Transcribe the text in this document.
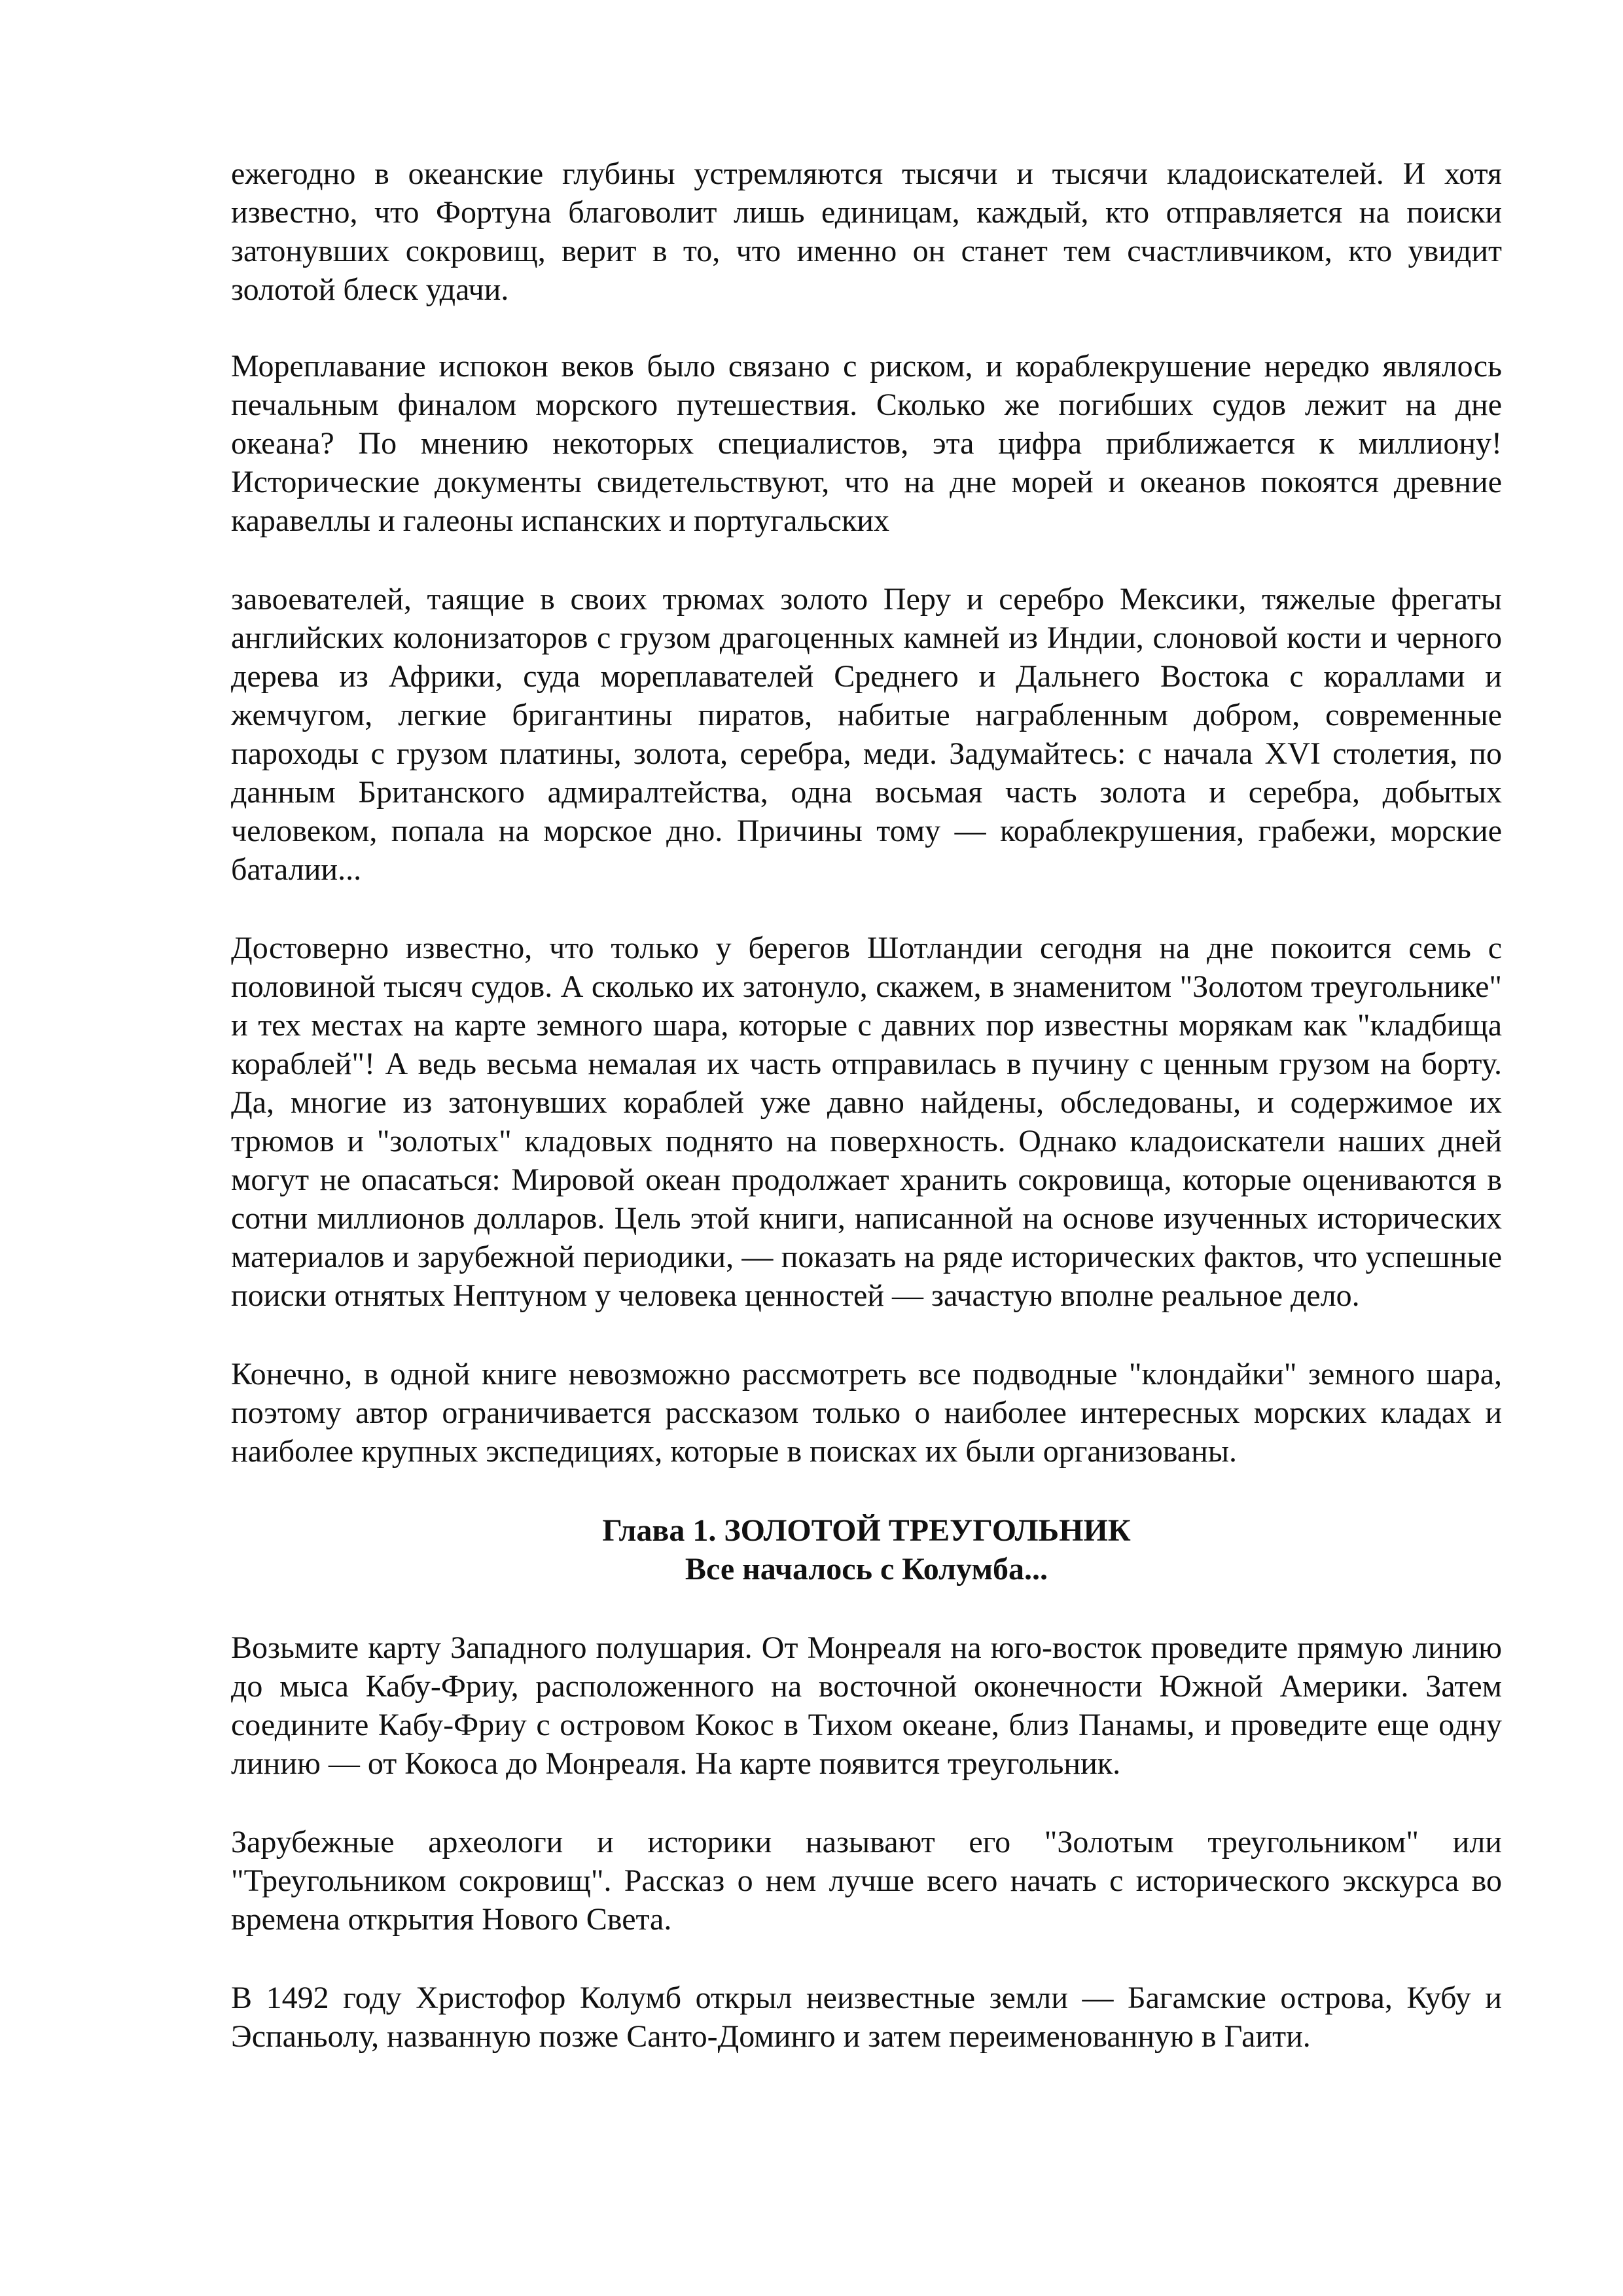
ежегодно в океанские глубины устремляются тысячи и тысячи кладоискателей. И хотя известно, что Фортуна благоволит лишь единицам, каждый, кто отправляется на поиски затонувших сокровищ, верит в то, что именно он станет тем счастливчиком, кто увидит золотой блеск удачи.

Мореплавание испокон веков было связано с риском, и кораблекрушение нередко являлось печальным финалом морского путешествия. Сколько же погибших судов лежит на дне океана? По мнению некоторых специалистов, эта цифра приближается к миллиону! Исторические документы свидетельствуют, что на дне морей и океанов покоятся древние каравеллы и галеоны испанских и португальских

завоевателей, таящие в своих трюмах золото Перу и серебро Мексики, тяжелые фрегаты английских колонизаторов с грузом драгоценных камней из Индии, слоновой кости и черного дерева из Африки, суда мореплавателей Среднего и Дальнего Востока с кораллами и жемчугом, легкие бригантины пиратов, набитые награбленным добром, современные пароходы с грузом платины, золота, серебра, меди. Задумайтесь: с начала XVI столетия, по данным Британского адмиралтейства, одна восьмая часть золота и серебра, добытых человеком, попала на морское дно. Причины тому — кораблекрушения, грабежи, морские баталии...

Достоверно известно, что только у берегов Шотландии сегодня на дне покоится семь с половиной тысяч судов. А сколько их затонуло, скажем, в знаменитом "Золотом треугольнике" и тех местах на карте земного шара, которые с давних пор известны морякам как "кладбища кораблей"! А ведь весьма немалая их часть отправилась в пучину с ценным грузом на борту. Да, многие из затонувших кораблей уже давно найдены, обследованы, и содержимое их трюмов и "золотых" кладовых поднято на поверхность. Однако кладоискатели наших дней могут не опасаться: Мировой океан продолжает хранить сокровища, которые оцениваются в сотни миллионов долларов. Цель этой книги, написанной на основе изученных исторических материалов и зарубежной периодики, — показать на ряде исторических фактов, что успешные поиски отнятых Нептуном у человека ценностей — зачастую вполне реальное дело.

Конечно, в одной книге невозможно рассмотреть все подводные "клондайки" земного шара, поэтому автор ограничивается рассказом только о наиболее интересных морских кладах и наиболее крупных экспедициях, которые в поисках их были организованы.

Глава 1. ЗОЛОТОЙ ТРЕУГОЛЬНИК
Все началось с Колумба...

Возьмите карту Западного полушария. От Монреаля на юго-восток проведите прямую линию до мыса Кабу-Фриу, расположенного на восточной оконечности Южной Америки. Затем соедините Кабу-Фриу с островом Кокос в Тихом океане, близ Панамы, и проведите еще одну линию — от Кокоса до Монреаля. На карте появится треугольник.

Зарубежные археологи и историки называют его "Золотым треугольником" или "Треугольником сокровищ". Рассказ о нем лучше всего начать с исторического экскурса во времена открытия Нового Света.

В 1492 году Христофор Колумб открыл неизвестные земли — Багамские острова, Кубу и Эспаньолу, названную позже Санто-Доминго и затем переименованную в Гаити.
